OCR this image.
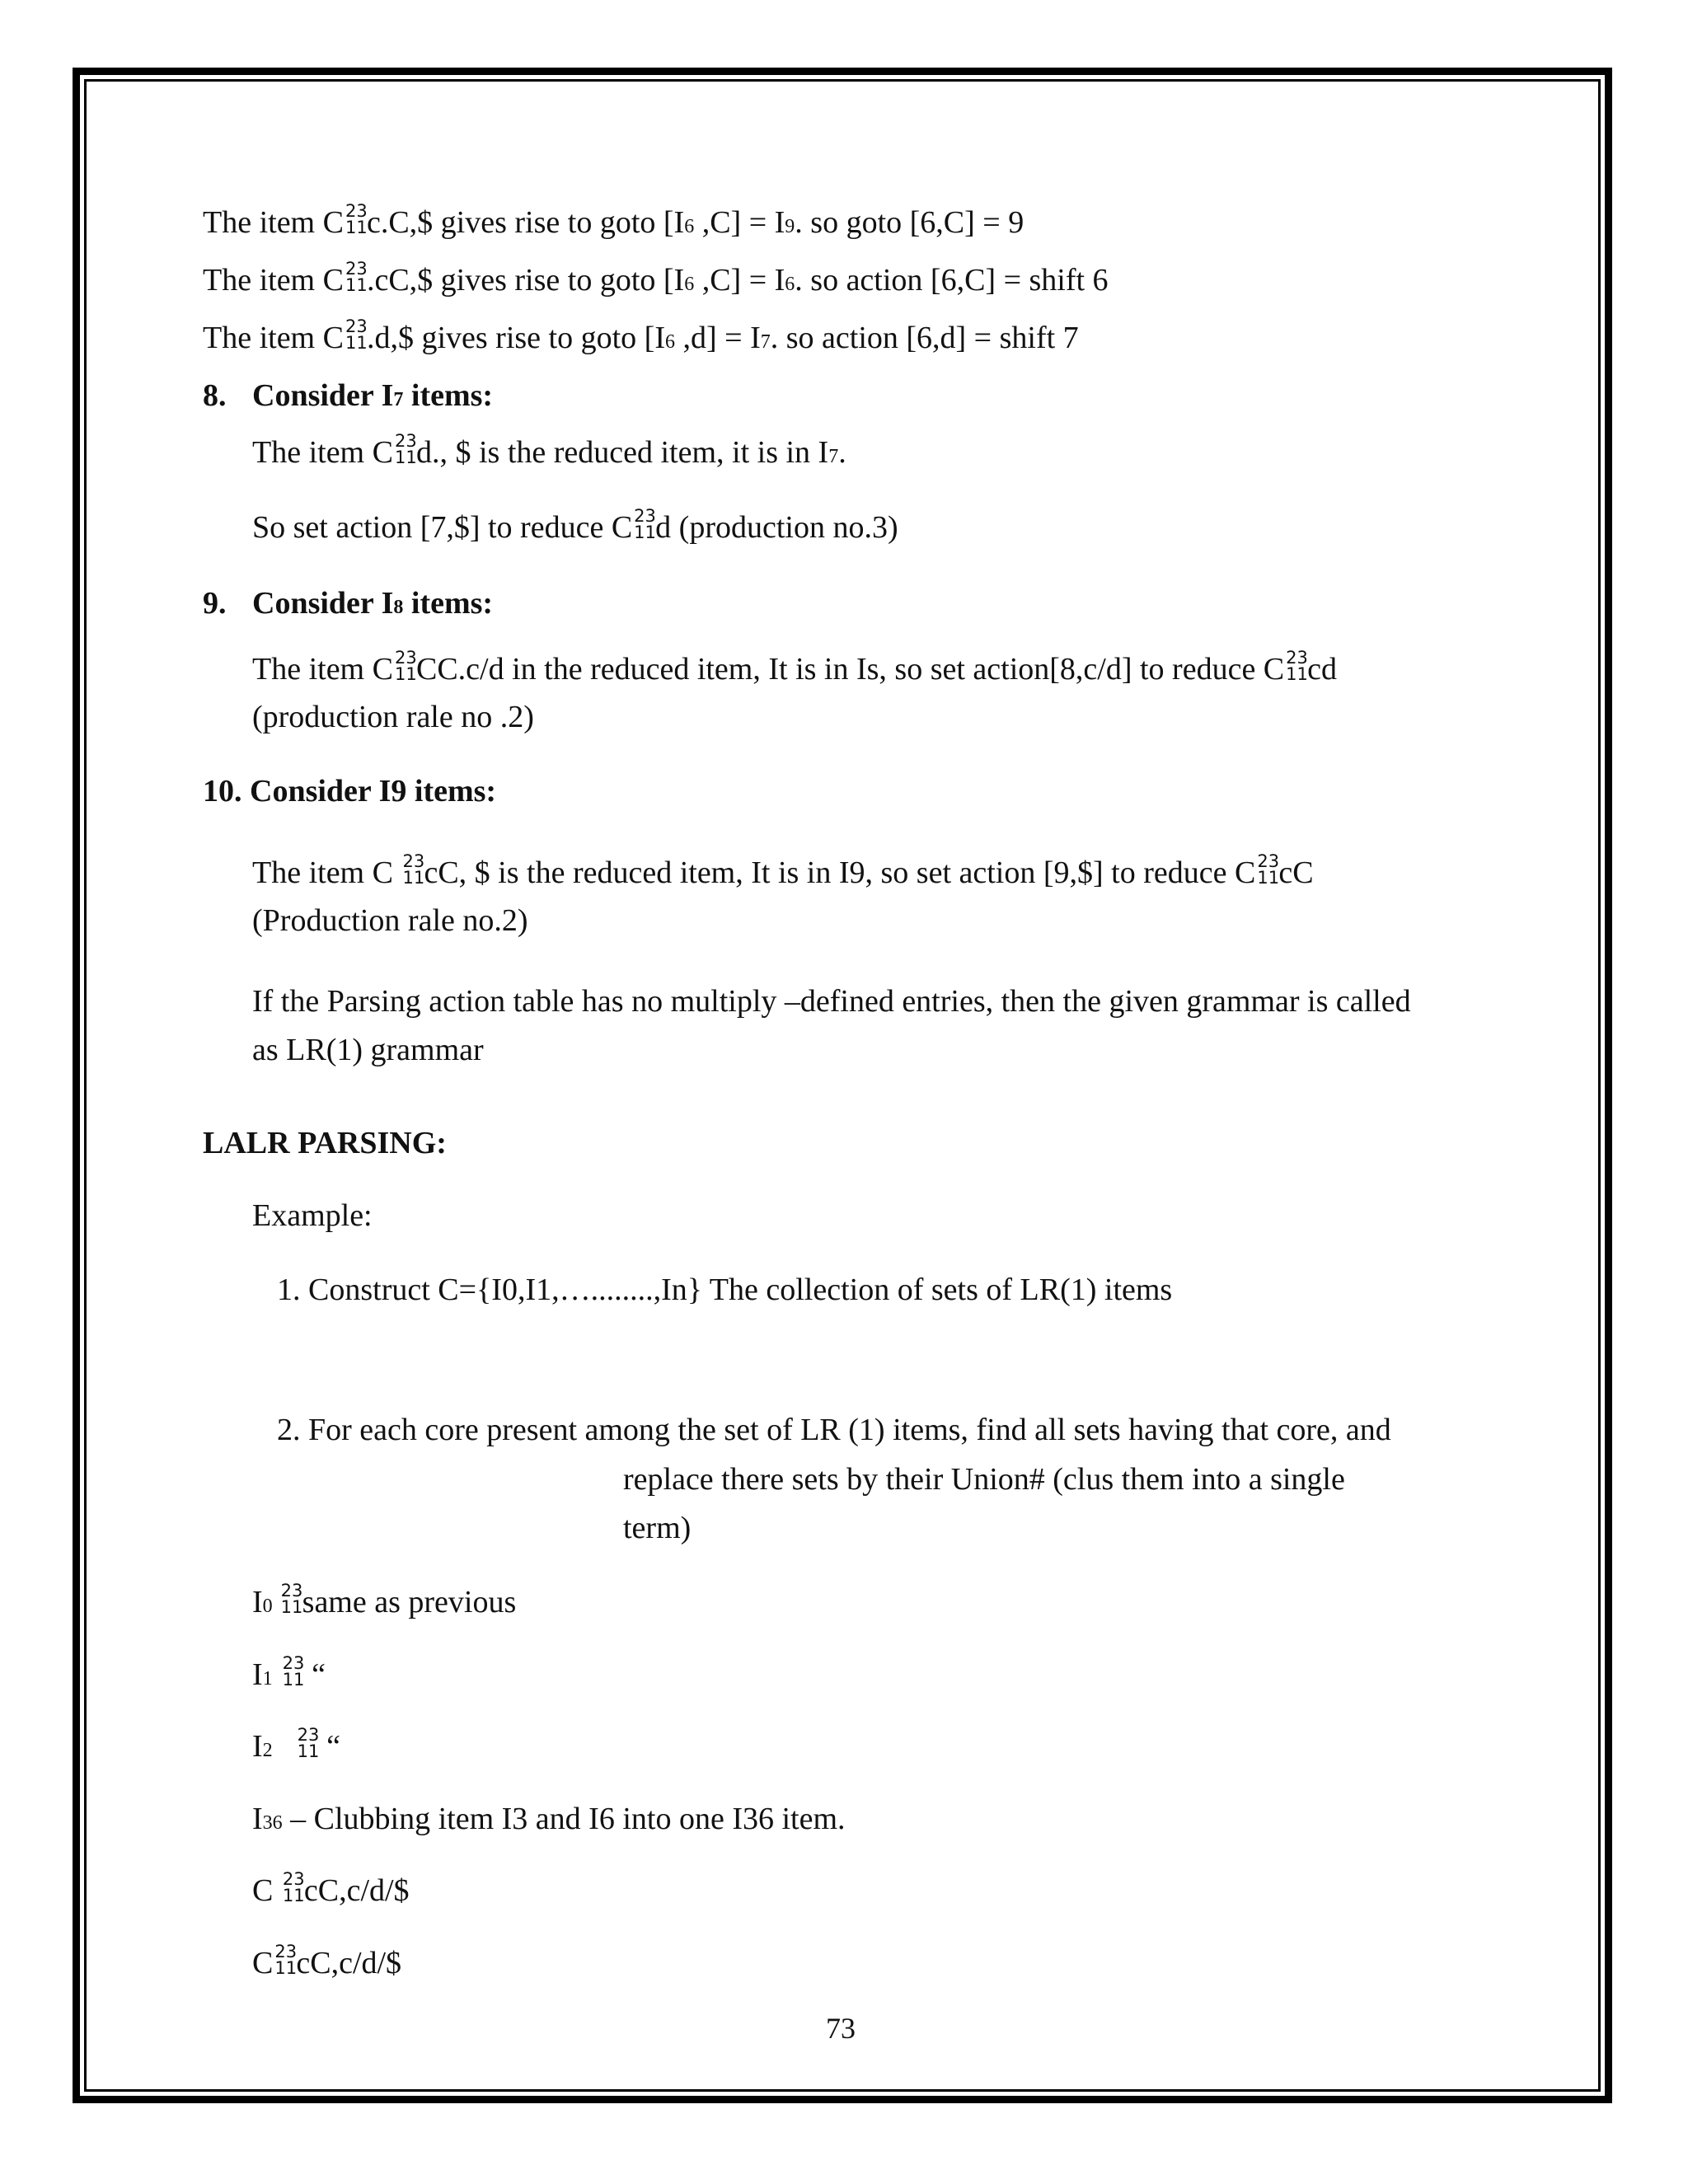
The item C 23
11 c.C,$ gives rise to goto [I6 ,C] = I9. so goto [6,C] = 9
The item C 23
11 .cC,$ gives rise to goto [I6 ,C] = I6. so action [6,C] = shift 6
The item C 23
11 .d,$ gives rise to goto [I6 ,d] = I7. so action [6,d] = shift 7
8. Consider I7 items:
The item C 23
11 d., $ is the reduced item, it is in I7.
So set action [7,$] to reduce C 23
11 d (production no.3)
9. Consider I8 items:
The item C 23
11 CC.c/d in the reduced item, It is in Is, so set action[8,c/d] to reduce C 23
11 cd
(production rale no .2)
10. Consider I9 items:
The item C 23
11 cC, $ is the reduced item, It is in I9, so set action [9,$] to reduce C 23
11 cC
(Production rale no.2)
If the Parsing action table has no multiply –defined entries, then the given grammar is called
as LR(1) grammar
LALR PARSING:
Example:
1. Construct C={I0,I1,…........,In} The collection of sets of LR(1) items
2. For each core present among the set of LR (1) items, find all sets having that core, and
replace there sets by their Union# (clus them into a single
term)
I0
23
11 same as previous
I1
23
11 “
I2
23
11 “
I36 – Clubbing item I3 and I6 into one I36 item.
C 23
11 cC,c/d/$
C 23
11 cC,c/d/$
73
